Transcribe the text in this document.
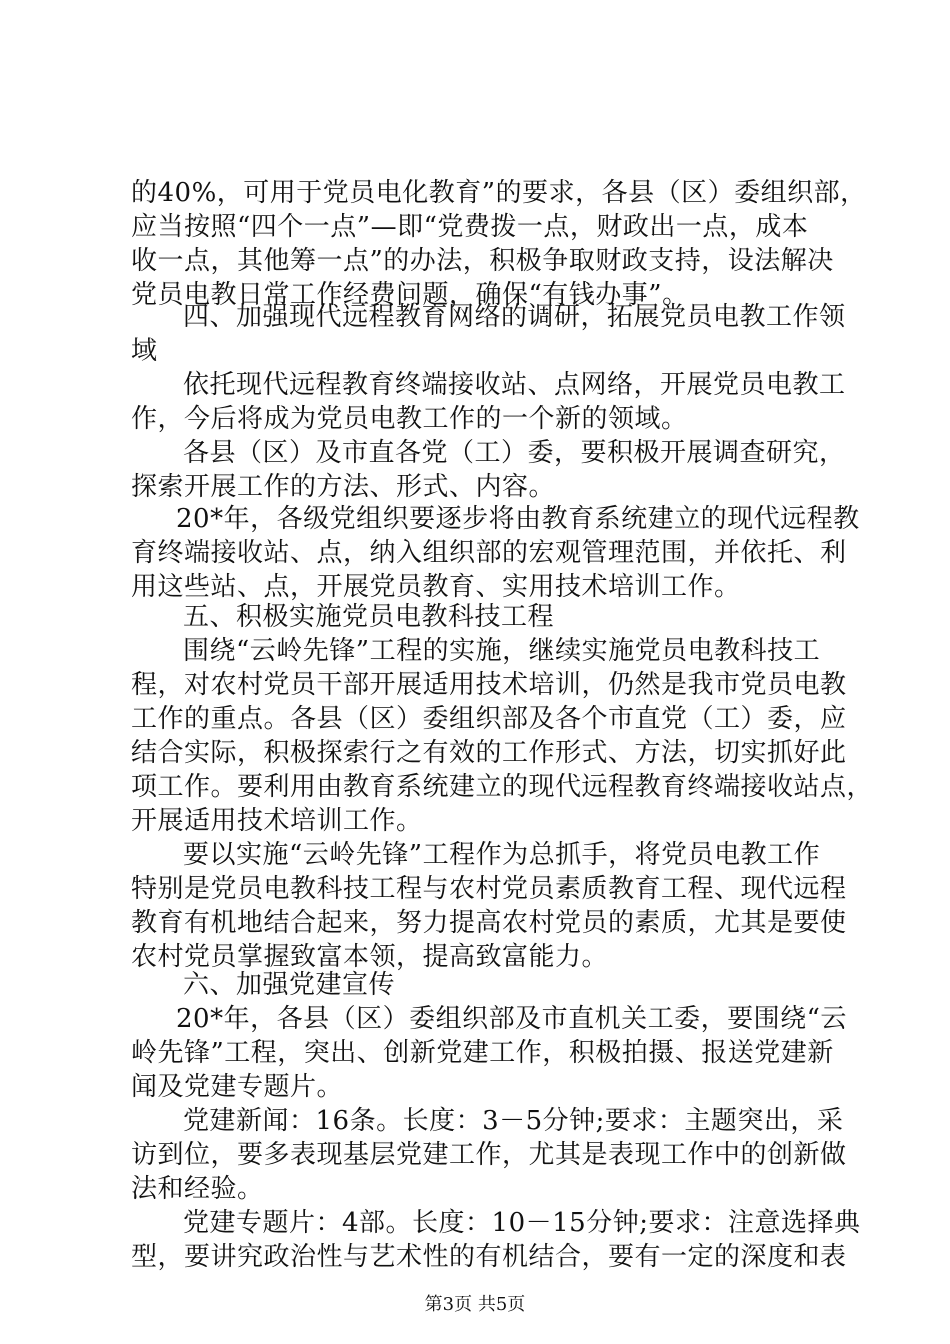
的40%，可用于党员电化教育”的要求，各县（区）委组织部，
应当按照“四个一点”—即“党费拨一点，财政出一点，成本
收一点，其他筹一点”的办法，积极争取财政支持，设法解决
党员电教日常工作经费问题，确保“有钱办事”。
四、加强现代远程教育网络的调研，拓展党员电教工作领
域
依托现代远程教育终端接收站、点网络，开展党员电教工
作，今后将成为党员电教工作的一个新的领域。
各县（区）及市直各党（工）委，要积极开展调查研究，
探索开展工作的方法、形式、内容。
20*年，各级党组织要逐步将由教育系统建立的现代远程教
育终端接收站、点，纳入组织部的宏观管理范围，并依托、利
用这些站、点，开展党员教育、实用技术培训工作。
五、积极实施党员电教科技工程
围绕“云岭先锋”工程的实施，继续实施党员电教科技工
程，对农村党员干部开展适用技术培训，仍然是我市党员电教
工作的重点。各县（区）委组织部及各个市直党（工）委，应
结合实际，积极探索行之有效的工作形式、方法，切实抓好此
项工作。要利用由教育系统建立的现代远程教育终端接收站点，
开展适用技术培训工作。
要以实施“云岭先锋”工程作为总抓手，将党员电教工作
特别是党员电教科技工程与农村党员素质教育工程、现代远程
教育有机地结合起来，努力提高农村党员的素质，尤其是要使
农村党员掌握致富本领，提高致富能力。
六、加强党建宣传
20*年，各县（区）委组织部及市直机关工委，要围绕“云
岭先锋”工程，突出、创新党建工作，积极拍摄、报送党建新
闻及党建专题片。
党建新闻：16条。长度：3－5分钟;要求：主题突出，采
访到位，要多表现基层党建工作，尤其是表现工作中的创新做
法和经验。
党建专题片：4部。长度：10－15分钟;要求：注意选择典
型，要讲究政治性与艺术性的有机结合，要有一定的深度和表
第3页 共5页
